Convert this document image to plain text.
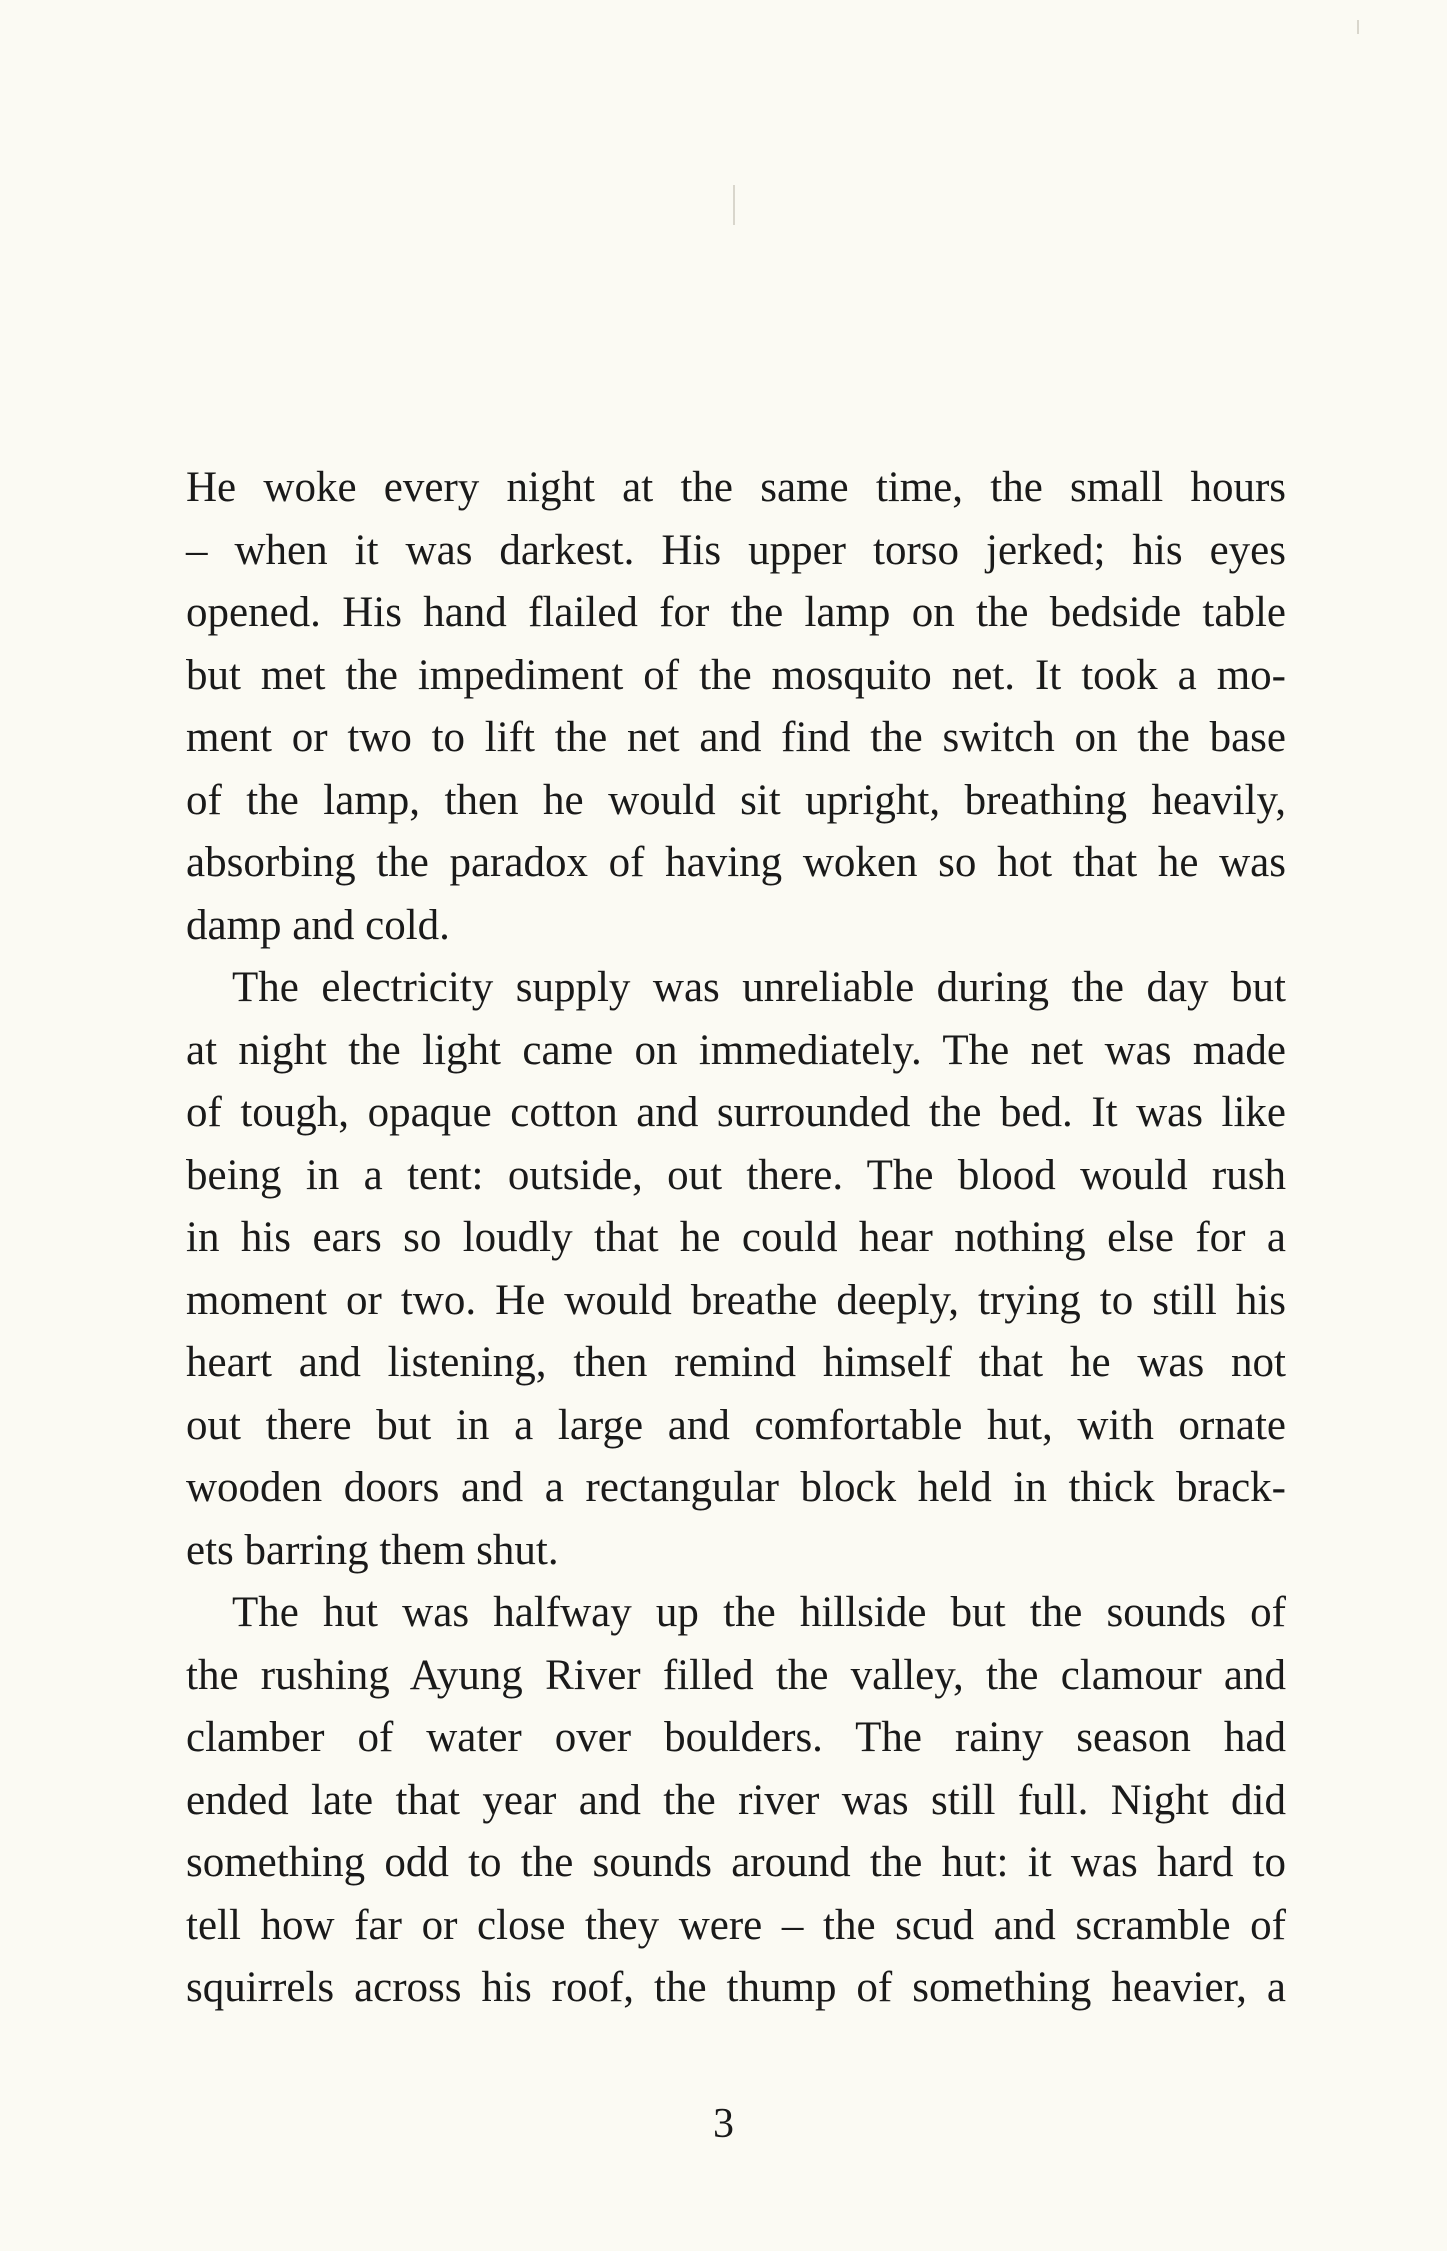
He woke every night at the same time, the small hours
– when it was darkest. His upper torso jerked; his eyes
opened. His hand flailed for the lamp on the bedside table
but met the impediment of the mosquito net. It took a mo-
ment or two to lift the net and find the switch on the base
of the lamp, then he would sit upright, breathing heavily,
absorbing the paradox of having woken so hot that he was
damp and cold.
The electricity supply was unreliable during the day but
at night the light came on immediately. The net was made
of tough, opaque cotton and surrounded the bed. It was like
being in a tent: outside, out there. The blood would rush
in his ears so loudly that he could hear nothing else for a
moment or two. He would breathe deeply, trying to still his
heart and listening, then remind himself that he was not
out there but in a large and comfortable hut, with ornate
wooden doors and a rectangular block held in thick brack-
ets barring them shut.
The hut was halfway up the hillside but the sounds of
the rushing Ayung River filled the valley, the clamour and
clamber of water over boulders. The rainy season had
ended late that year and the river was still full. Night did
something odd to the sounds around the hut: it was hard to
tell how far or close they were – the scud and scramble of
squirrels across his roof, the thump of something heavier, a
3
